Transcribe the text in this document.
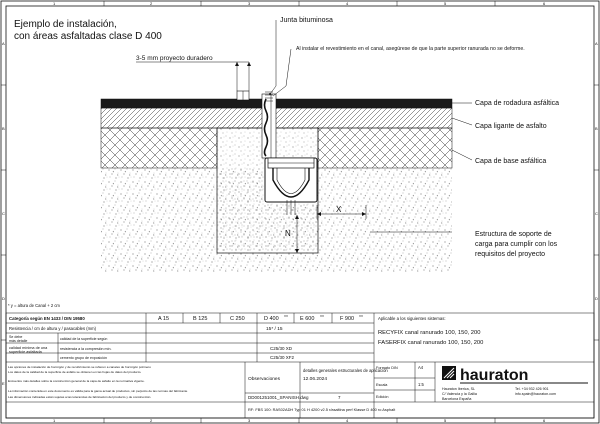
1	2	3	4	5	6
1	2	3	4	5	6
A
B
C
D
E
A
B
C
D
Ejemplo de instalación,
con áreas asfaltadas clase D 400
X
N
Junta bituminosa
Al instalar el revestimiento en el canal, asegúrese de que la parte superior ranurada no se deforme.
3-5 mm proyecto duradero
Capa de rodadura asfáltica
Capa ligante de asfalto
Capa de base asfáltica
Estructura de soporte de
carga para cumplir con los
requisitos del proyecto
* y = altura de Canal + 2 cm
Categoría según EN 1433 / DIN 19580	A 15	B 125	C 250	D 400 XX E 600 XX	F 900 XX
Resistencia / cm de altura y / pasacables (mm)	15* / 15
Se debe
más detalle	calidad de la superficie según
calidad mínima de una
superficie asfaltada
resistencia a la compresión mín.	C25/30 XD
cemento grupo de exposición	C25/30 XF2
Aplicable a los siguientes sistemas:
RECYFIX canal ranurado 100, 150, 200
FASERFIX canal ranurado 100, 150, 200
Las opciones de instalación de hormigón y de recubrimiento se refieren a canales de hormigón polímero
Los datos de la calidad de la superficie de asfalto se obtienen en las hojas de datos del producto.
Encuentre más detalles sobre la construcción general de la capa de asfalto en la normativa vigente.
La información contenida en este documento es válida para la gama actual de productos, sin perjuicio de las normas del fabricante
Las dimensiones indicadas están sujetas a las tolerancias de fabricación del producto y de construcción.
Observaciones	12.06.2024
detalles generales estructurales de aplicación
DD001251001_SPANISH.dwg	7
Formato DIN	A4
Escala	1:5
Edición
RF: FBS 100: RAS02ADH Typ 01 H 4200 v2.5 r/asaltina perf Klasse D 400 ro Asphalt
hauraton
Hauraton Iberica, SL
C/ Valencia y la Gallia
Barcelona España
Tel. +34 932 426 901
info.spain@hauraton.com
